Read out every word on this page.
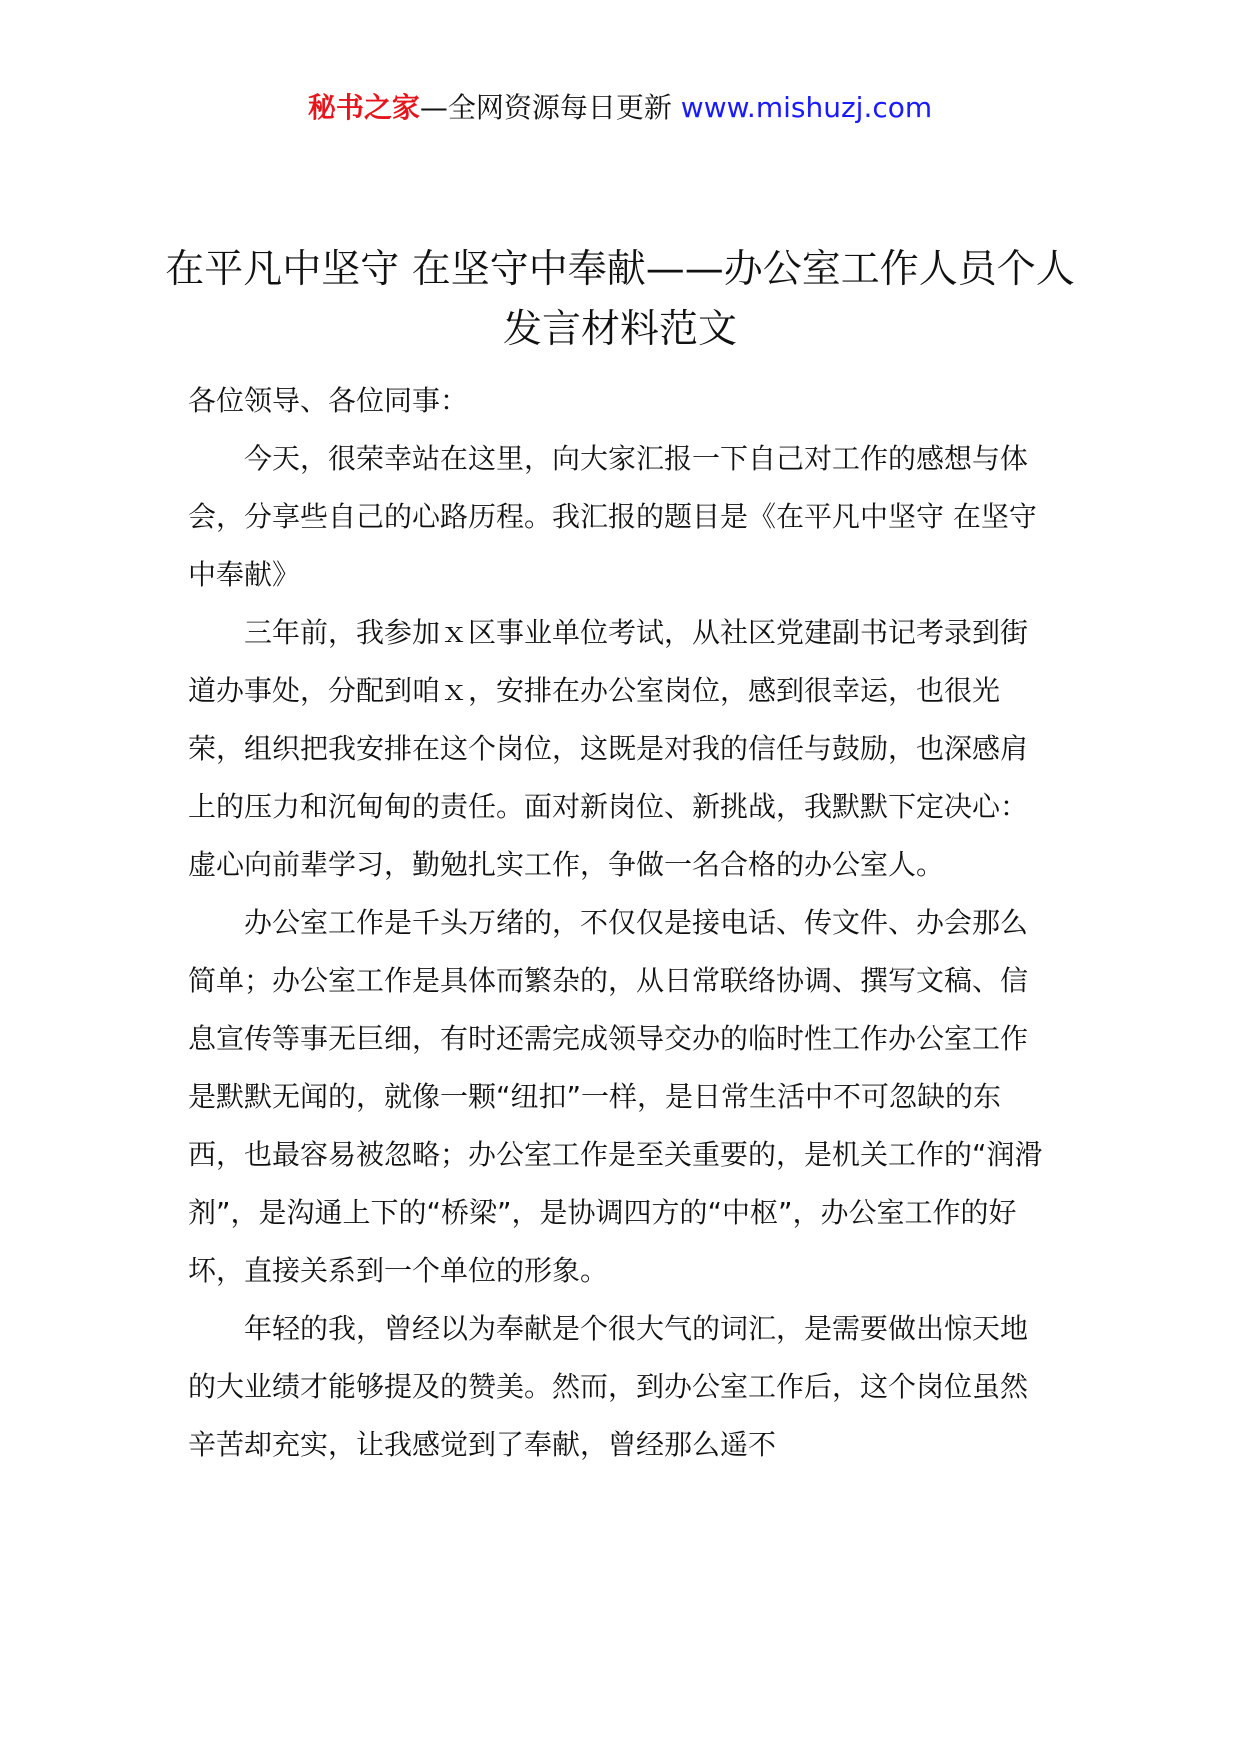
秘书之家—全网资源每日更新 www.mishuzj.com
在平凡中坚守 在坚守中奉献——办公室工作人员个人发言材料范文

各位领导、各位同事：

今天，很荣幸站在这里，向大家汇报一下自己对工作的感想与体会，分享些自己的心路历程。我汇报的题目是《在平凡中坚守 在坚守中奉献》

三年前，我参加ｘ区事业单位考试，从社区党建副书记考录到街道办事处，分配到咱ｘ，安排在办公室岗位，感到很幸运，也很光荣，组织把我安排在这个岗位，这既是对我的信任与鼓励，也深感肩上的压力和沉甸甸的责任。面对新岗位、新挑战，我默默下定决心：虚心向前辈学习，勤勉扎实工作，争做一名合格的办公室人。

办公室工作是千头万绪的，不仅仅是接电话、传文件、办会那么简单；办公室工作是具体而繁杂的，从日常联络协调、撰写文稿、信息宣传等事无巨细，有时还需完成领导交办的临时性工作办公室工作是默默无闻的，就像一颗“纽扣”一样，是日常生活中不可忽缺的东西，也最容易被忽略；办公室工作是至关重要的，是机关工作的“润滑剂”，是沟通上下的“桥梁”，是协调四方的“中枢”，办公室工作的好坏，直接关系到一个单位的形象。

年轻的我，曾经以为奉献是个很大气的词汇，是需要做出惊天地的大业绩才能够提及的赞美。然而，到办公室工作后，这个岗位虽然辛苦却充实，让我感觉到了奉献，曾经那么遥不
